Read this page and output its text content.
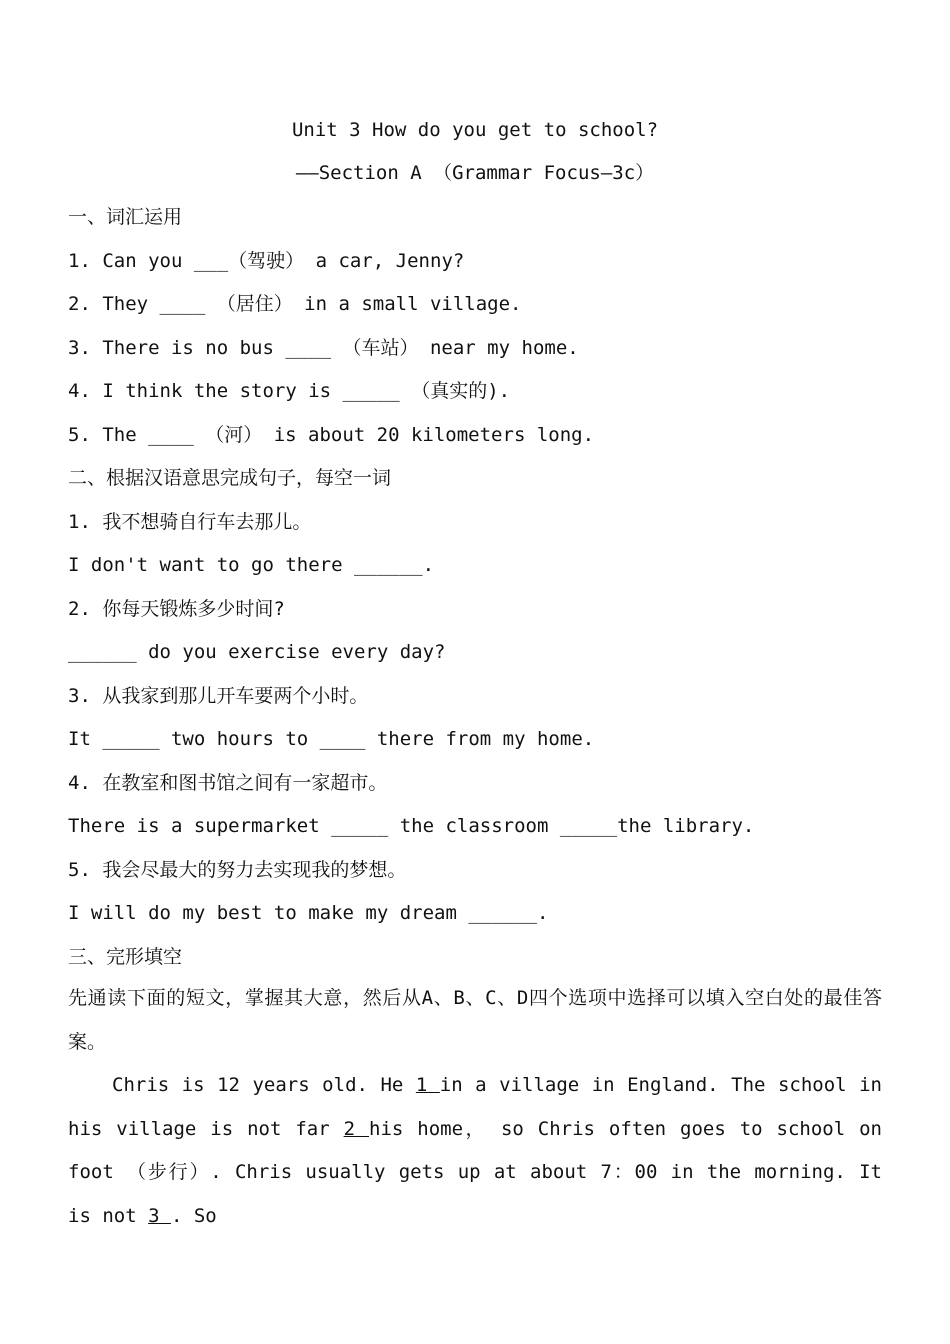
Unit 3 How do you get to school?
——Section A （Grammar Focus—3c）
一、词汇运用
1. Can you ___（驾驶） a car, Jenny?
2. They ____ （居住） in a small village.
3. There is no bus ____ （车站） near my home.
4. I think the story is _____ （真实的).
5. The ____ （河） is about 20 kilometers long.
二、根据汉语意思完成句子，每空一词
1. 我不想骑自行车去那儿。
I don't want to go there ______.
2. 你每天锻炼多少时间?
______ do you exercise every day?
3. 从我家到那儿开车要两个小时。
It _____ two hours to ____ there from my home.
4. 在教室和图书馆之间有一家超市。
There is a supermarket _____ the classroom _____the library.
5. 我会尽最大的努力去实现我的梦想。
I will do my best to make my dream ______.
三、完形填空
先通读下面的短文，掌握其大意，然后从A、B、C、D四个选项中选择可以填入空白处的最佳答案。
Chris is 12 years old. He 1 in a village in England. The school in his village is not far 2 his home， so Chris often goes to school on foot （步行）. Chris usually gets up at about 7：00 in the morning. It is not 3 . So
